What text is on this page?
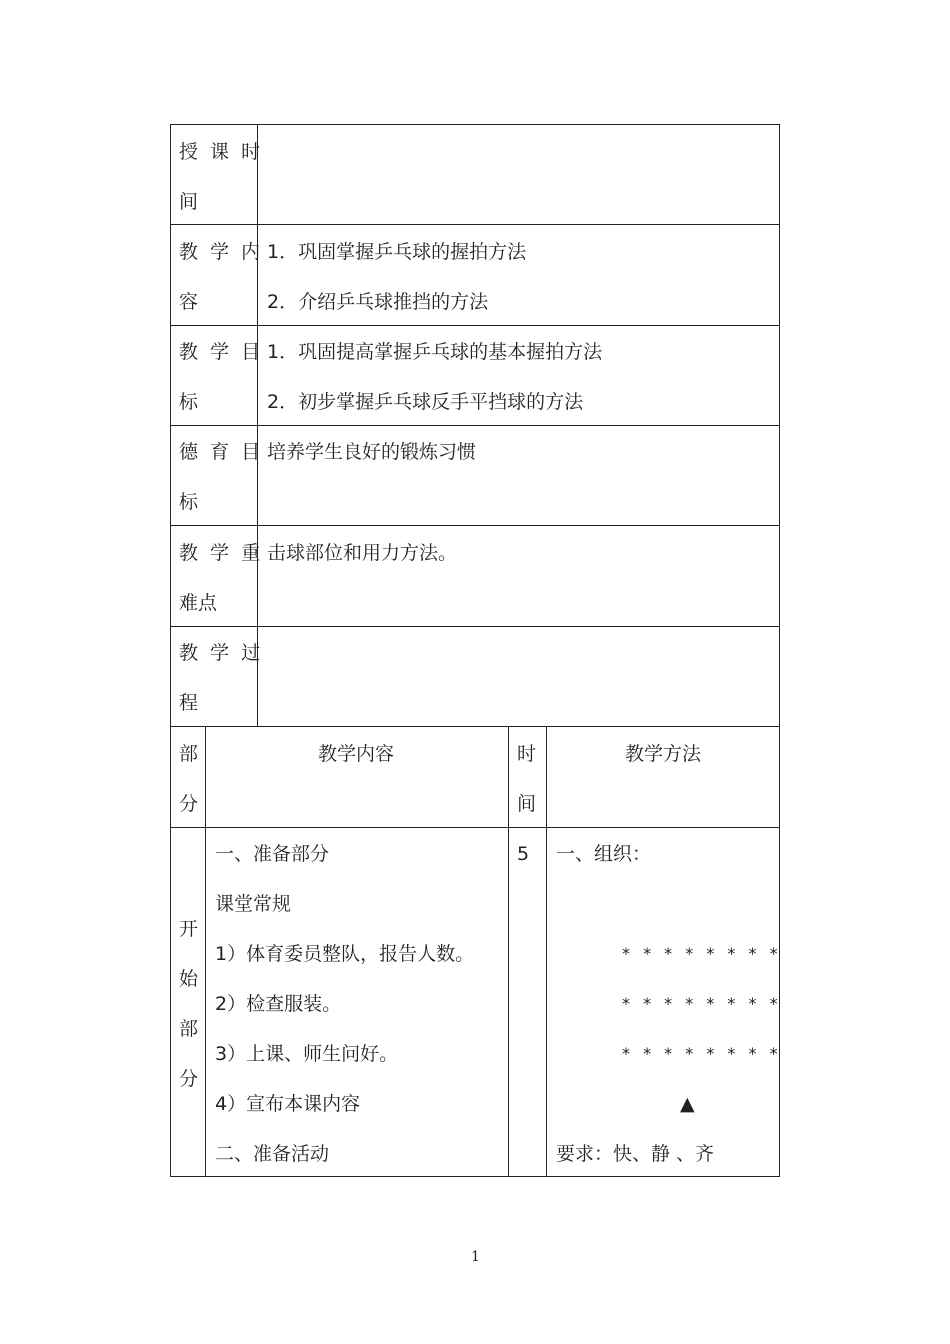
授 课 时
间
教 学 内
容
1．巩固掌握乒乓球的握拍方法
2．介绍乒乓球推挡的方法
教 学 目
标
1．巩固提高掌握乒乓球的基本握拍方法
2．初步掌握乒乓球反手平挡球的方法
德 育 目
标
培养学生良好的锻炼习惯
教 学 重
难点
击球部位和用力方法。
教 学 过
程
部
分
教学内容	时
间
教学方法
开
始
部
分
一、准备部分
课堂常规
1）体育委员整队，报告人数。
2）检查服装。
3）上课、师生问好。
4）宣布本课内容
二、准备活动
5 一、组织：
* * * * * * * *
* * * * * * * *
* * * * * * * *
▲
要求：快、静 、齐
1
